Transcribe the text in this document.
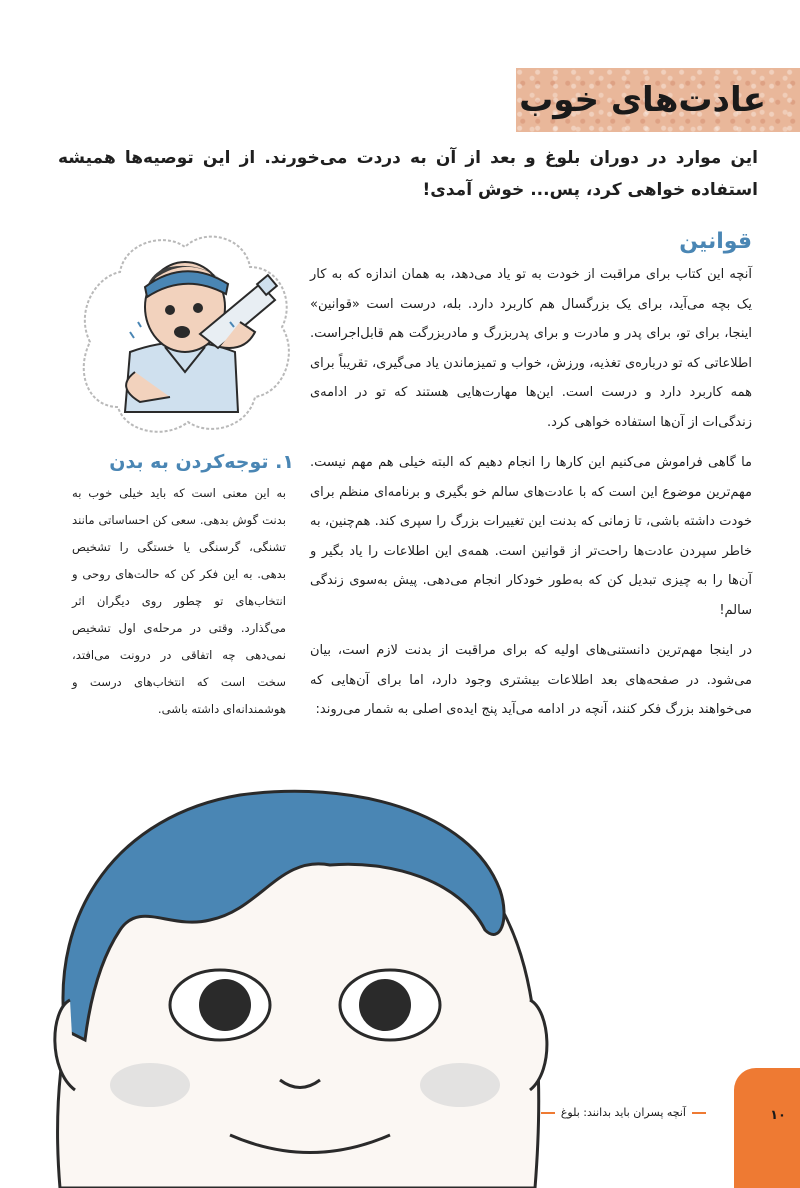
عادت‌های خوب

این موارد در دوران بلوغ و بعد از آن به دردت می‌خورند. از این توصیه‌ها همیشه استفاده خواهی کرد، پس... خوش آمدی!

قوانین

آنچه این کتاب برای مراقبت از خودت به تو یاد می‌دهد، به همان اندازه که به کار یک بچه می‌آید، برای یک بزرگسال هم کاربرد دارد. بله، درست است «قوانین» اینجا، برای تو، برای پدر و مادرت و برای پدربزرگ و مادربزرگت هم قابل‌اجراست. اطلاعاتی که تو درباره‌ی تغذیه، ورزش، خواب و تمیزماندن یاد می‌گیری، تقریباً برای همه کاربرد دارد و درست است. این‌ها مهارت‌هایی هستند که تو در ادامه‌ی زندگی‌ات از آن‌ها استفاده خواهی کرد.

ما گاهی فراموش می‌کنیم این کارها را انجام دهیم که البته خیلی هم مهم نیست. مهم‌ترین موضوع این است که با عادت‌های سالم خو بگیری و برنامه‌ای منظم برای خودت داشته باشی، تا زمانی که بدنت این تغییرات بزرگ را سپری کند. هم‌چنین، به خاطر سپردن عادت‌ها راحت‌تر از قوانین است. همه‌ی این اطلاعات را یاد بگیر و آن‌ها را به چیزی تبدیل کن که به‌طور خودکار انجام می‌دهی. پیش به‌سوی زندگی سالم!

در اینجا مهم‌ترین دانستنی‌های اولیه که برای مراقبت از بدنت لازم است، بیان می‌شود. در صفحه‌های بعد اطلاعات بیشتری وجود دارد، اما برای آن‌هایی که می‌خواهند بزرگ فکر کنند، آنچه در ادامه می‌آید پنج ایده‌ی اصلی به شمار می‌روند:

۱. توجه‌کردن به بدن

به این معنی است که باید خیلی خوب به بدنت گوش بدهی. سعی کن احساساتی مانند تشنگی، گرسنگی یا خستگی را تشخیص بدهی. به این فکر کن که حالت‌های روحی و انتخاب‌های تو چطور روی دیگران اثر می‌گذارد. وقتی در مرحله‌ی اول تشخیص نمی‌دهی چه اتفاقی در درونت می‌افتد، سخت است که انتخاب‌های درست و هوشمندانه‌ای داشته باشی.

آنچه پسران باید بدانند: بلوغ	۱۰
